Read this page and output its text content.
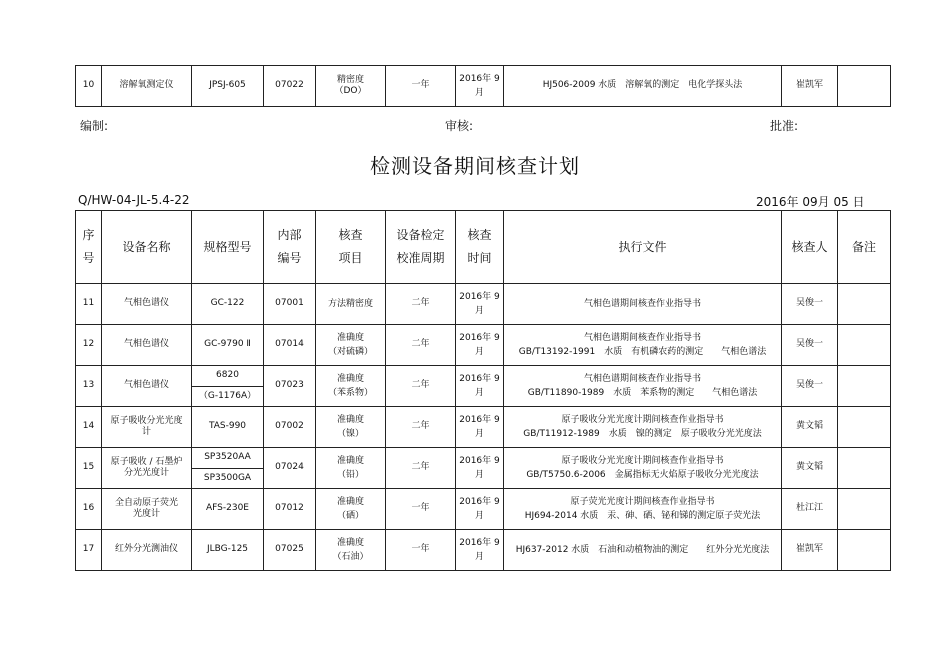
10	溶解氧测定仪	JPSJ-605	07022	
精密度
（DO）
	一年	
2016年 9
月
	HJ506-2009 水质　溶解氧的测定　电化学探头法	崔凯军	
编制:	审核:	批准:
检测设备期间核查计划
Q/HW-04-JL-5.4-22	2016年 09月 05 日
序
号	设备名称	规格型号	内部
编号	核查
项目	设备检定
校准周期	核查
时间	执行文件	核查人	备注
11	气相色谱仪	GC-122	07001	方法精密度	二年	2016年 9
月	气相色谱期间核查作业指导书	吴俊一	
12	气相色谱仪	GC-9790 Ⅱ	07014	准确度
（对硫磷）	二年	2016年 9
月	气相色谱期间核查作业指导书
GB/T13192-1991　水质　有机磷农药的测定　　气相色谱法	吴俊一	
13	气相色谱仪	6820
（G-1176A）	07023	准确度
（苯系物）	二年	2016年 9
月	气相色谱期间核查作业指导书
GB/T11890-1989　水质　苯系物的测定　　气相色谱法	吴俊一	
14	原子吸收分光光度
计	TAS-990	07002	准确度
（镍）	二年	2016年 9
月	原子吸收分光光度计期间核查作业指导书
GB/T11912-1989　水质　镍的测定　原子吸收分光光度法	黄文韬	
15	原子吸收 / 石墨炉
分光光度计	SP3520AA
SP3500GA	07024	准确度
（铅）	二年	2016年 9
月	原子吸收分光光度计期间核查作业指导书
GB/T5750.6-2006　金属指标无火焰原子吸收分光光度法	黄文韬	
16	全自动原子荧光
光度计	AFS-230E	07012	准确度
（硒）	一年	2016年 9
月	原子荧光光度计期间核查作业指导书
HJ694-2014 水质　汞、砷、硒、铋和锑的测定原子荧光法	杜江江	
17	红外分光测油仪	JLBG-125	07025	准确度
（石油）	一年	2016年 9
月	HJ637-2012 水质　石油和动植物油的测定　　红外分光光度法	崔凯军	
